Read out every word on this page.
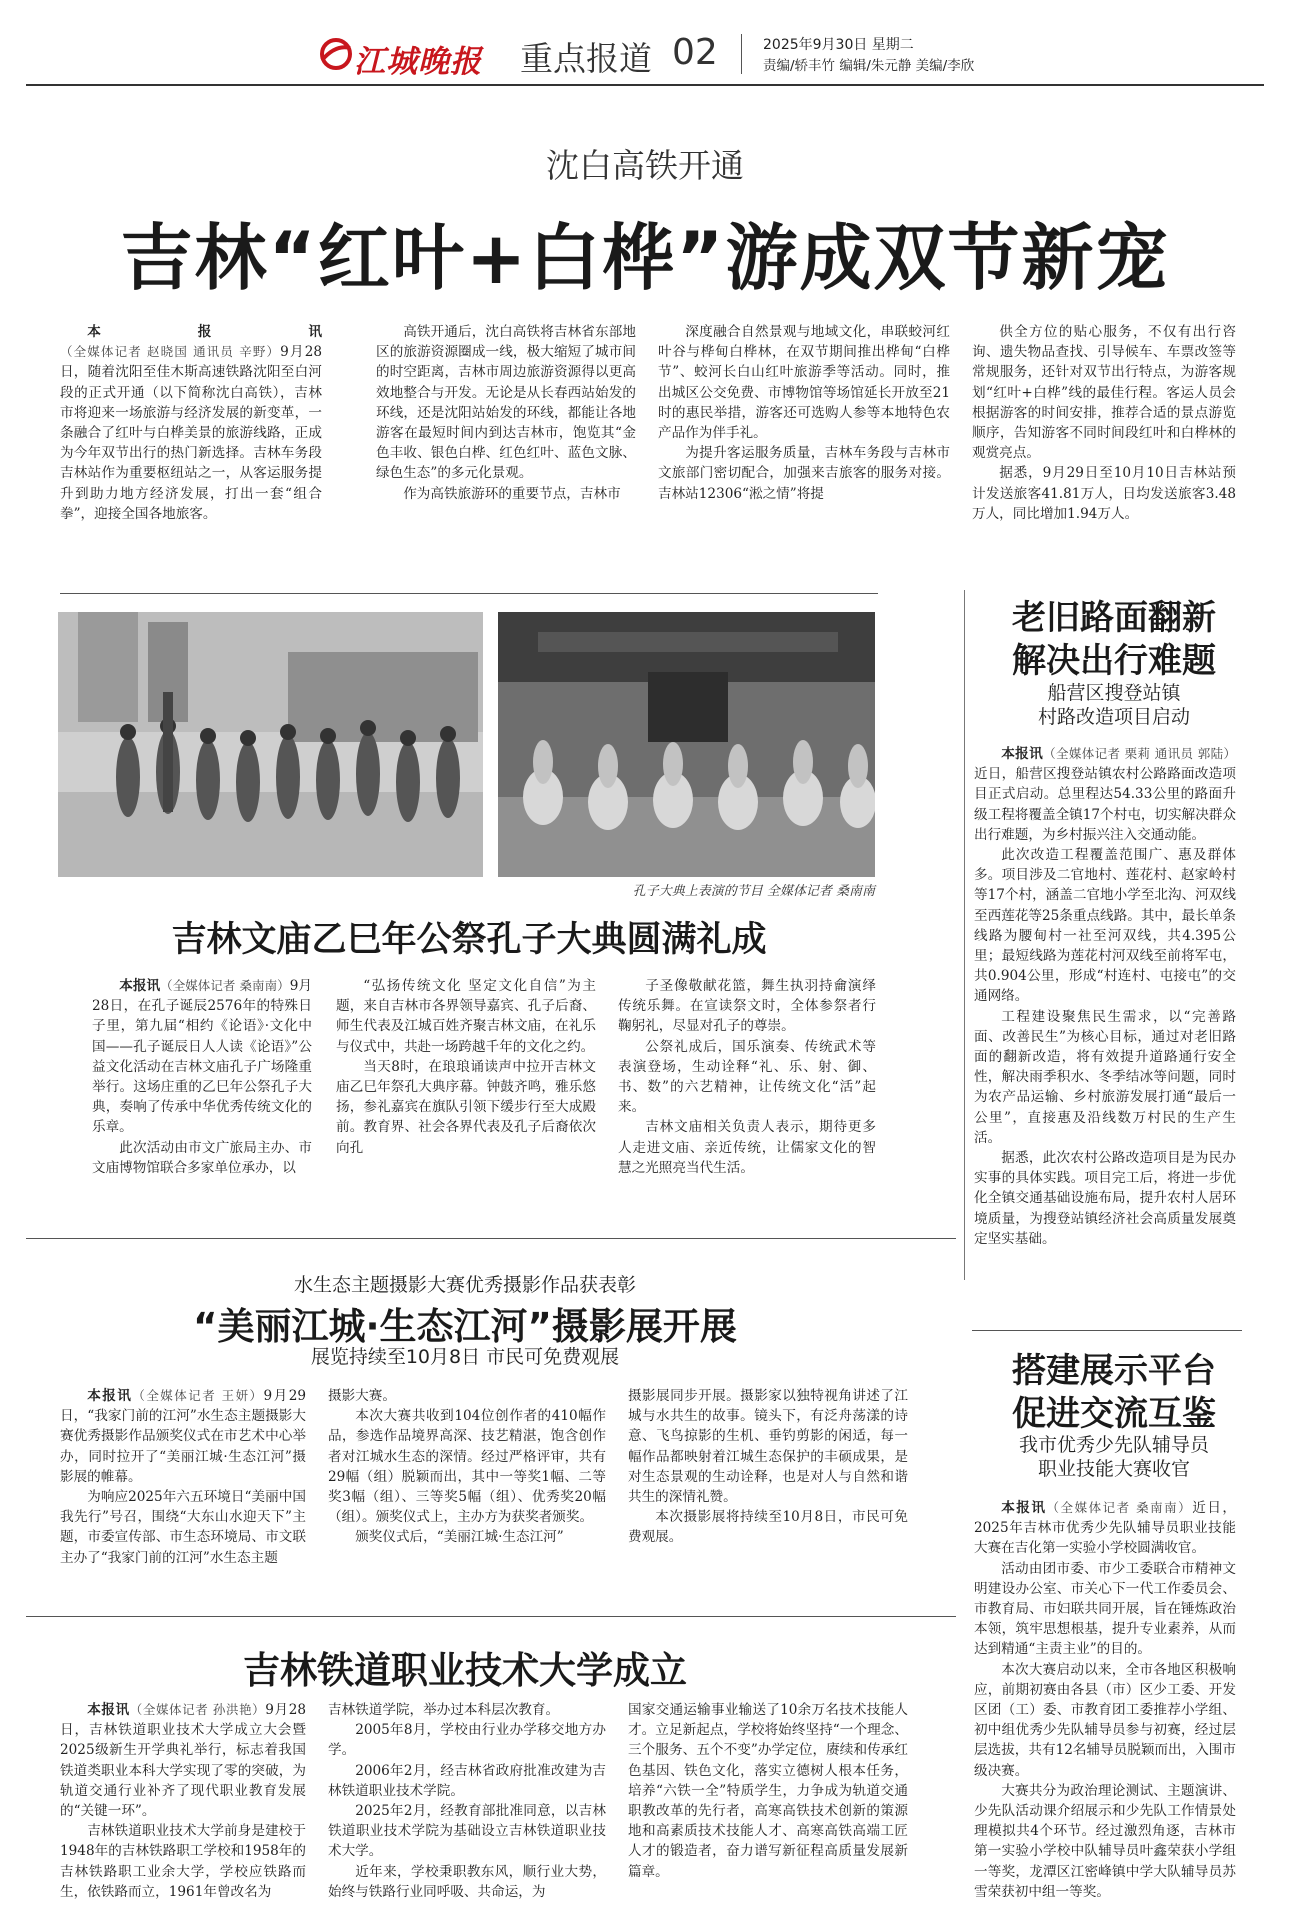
江城晚报 重点报道 02	2025年9月30日 星期二
责编/轿丰竹 编辑/朱元静 美编/李欣
沈白高铁开通
吉林“红叶+白桦”游成双节新宠

本报讯（全媒体记者 赵晓国 通讯员 辛野）9月28日，随着沈阳至佳木斯高速铁路沈阳至白河段的正式开通（以下简称沈白高铁），吉林市将迎来一场旅游与经济发展的新变革，一条融合了红叶与白桦美景的旅游线路，正成为今年双节出行的热门新选择。吉林车务段吉林站作为重要枢纽站之一，从客运服务提升到助力地方经济发展，打出一套“组合拳”，迎接全国各地旅客。

高铁开通后，沈白高铁将吉林省东部地区的旅游资源圈成一线，极大缩短了城市间的时空距离，吉林市周边旅游资源得以更高效地整合与开发。无论是从长春西站始发的环线，还是沈阳站始发的环线，都能让各地游客在最短时间内到达吉林市，饱览其“金色丰收、银色白桦、红色红叶、蓝色文脉、绿色生态”的多元化景观。

作为高铁旅游环的重要节点，吉林市

深度融合自然景观与地域文化，串联蛟河红叶谷与桦甸白桦林，在双节期间推出桦甸“白桦节”、蛟河长白山红叶旅游季等活动。同时，推出城区公交免费、市博物馆等场馆延长开放至21时的惠民举措，游客还可选购人参等本地特色农产品作为伴手礼。

为提升客运服务质量，吉林车务段与吉林市文旅部门密切配合，加强来吉旅客的服务对接。吉林站12306“淞之情”将提

供全方位的贴心服务，不仅有出行咨询、遗失物品查找、引导候车、车票改签等常规服务，还针对双节出行特点，为游客规划“红叶+白桦”线的最佳行程。客运人员会根据游客的时间安排，推荐合适的景点游览顺序，告知游客不同时间段红叶和白桦林的观赏亮点。

据悉，9月29日至10月10日吉林站预计发送旅客41.81万人，日均发送旅客3.48万人，同比增加1.94万人。

孔子大典上表演的节目 全媒体记者 桑南南
吉林文庙乙巳年公祭孔子大典圆满礼成

本报讯（全媒体记者 桑南南）9月28日，在孔子诞辰2576年的特殊日子里，第九届“相约《论语》·文化中国——孔子诞辰日人人读《论语》”公益文化活动在吉林文庙孔子广场隆重举行。这场庄重的乙巳年公祭孔子大典，奏响了传承中华优秀传统文化的乐章。

此次活动由市文广旅局主办、市文庙博物馆联合多家单位承办，以

“弘扬传统文化 坚定文化自信”为主题，来自吉林市各界领导嘉宾、孔子后裔、师生代表及江城百姓齐聚吉林文庙，在礼乐与仪式中，共赴一场跨越千年的文化之约。

当天8时，在琅琅诵读声中拉开吉林文庙乙巳年祭孔大典序幕。钟鼓齐鸣，雅乐悠扬，参礼嘉宾在旗队引领下缓步行至大成殿前。教育界、社会各界代表及孔子后裔依次向孔

子圣像敬献花篮，舞生执羽持龠演绎传统乐舞。在宣读祭文时，全体参祭者行鞠躬礼，尽显对孔子的尊崇。

公祭礼成后，国乐演奏、传统武术等表演登场，生动诠释“礼、乐、射、御、书、数”的六艺精神，让传统文化“活”起来。

吉林文庙相关负责人表示，期待更多人走进文庙、亲近传统，让儒家文化的智慧之光照亮当代生活。

老旧路面翻新
解决出行难题
船营区搜登站镇
村路改造项目启动

本报讯（全媒体记者 栗莉 通讯员 郭陆）近日，船营区搜登站镇农村公路路面改造项目正式启动。总里程达54.33公里的路面升级工程将覆盖全镇17个村屯，切实解决群众出行难题，为乡村振兴注入交通动能。

此次改造工程覆盖范围广、惠及群体多。项目涉及二官地村、莲花村、赵家岭村等17个村，涵盖二官地小学至北沟、河双线至西莲花等25条重点线路。其中，最长单条线路为腰甸村一社至河双线，共4.395公里；最短线路为莲花村河双线至前将军屯，共0.904公里，形成“村连村、屯接屯”的交通网络。

工程建设聚焦民生需求，以“完善路面、改善民生”为核心目标，通过对老旧路面的翻新改造，将有效提升道路通行安全性，解决雨季积水、冬季结冰等问题，同时为农产品运输、乡村旅游发展打通“最后一公里”，直接惠及沿线数万村民的生产生活。

据悉，此次农村公路改造项目是为民办实事的具体实践。项目完工后，将进一步优化全镇交通基础设施布局，提升农村人居环境质量，为搜登站镇经济社会高质量发展奠定坚实基础。

水生态主题摄影大赛优秀摄影作品获表彰
“美丽江城·生态江河”摄影展开展
展览持续至10月8日 市民可免费观展

本报讯（全媒体记者 王妍）9月29日，“我家门前的江河”水生态主题摄影大赛优秀摄影作品颁奖仪式在市艺术中心举办，同时拉开了“美丽江城·生态江河”摄影展的帷幕。

为响应2025年六五环境日“美丽中国我先行”号召，围绕“大东山水迎天下”主题，市委宣传部、市生态环境局、市文联主办了“我家门前的江河”水生态主题

摄影大赛。

本次大赛共收到104位创作者的410幅作品，参选作品境界高深、技艺精湛，饱含创作者对江城水生态的深情。经过严格评审，共有29幅（组）脱颖而出，其中一等奖1幅、二等奖3幅（组）、三等奖5幅（组）、优秀奖20幅（组）。颁奖仪式上，主办方为获奖者颁奖。

颁奖仪式后，“美丽江城·生态江河”

摄影展同步开展。摄影家以独特视角讲述了江城与水共生的故事。镜头下，有泛舟荡漾的诗意、飞鸟掠影的生机、垂钓剪影的闲适，每一幅作品都映射着江城生态保护的丰硕成果，是对生态景观的生动诠释，也是对人与自然和谐共生的深情礼赞。

本次摄影展将持续至10月8日，市民可免费观展。

搭建展示平台
促进交流互鉴
我市优秀少先队辅导员
职业技能大赛收官

本报讯（全媒体记者 桑南南）近日，2025年吉林市优秀少先队辅导员职业技能大赛在吉化第一实验小学校圆满收官。

活动由团市委、市少工委联合市精神文明建设办公室、市关心下一代工作委员会、市教育局、市妇联共同开展，旨在锤炼政治本领，筑牢思想根基，提升专业素养，从而达到精通“主责主业”的目的。

本次大赛启动以来，全市各地区积极响应，前期初赛由各县（市）区少工委、开发区团（工）委、市教育团工委推荐小学组、初中组优秀少先队辅导员参与初赛，经过层层选拔，共有12名辅导员脱颖而出，入围市级决赛。

大赛共分为政治理论测试、主题演讲、少先队活动课介绍展示和少先队工作情景处理模拟共4个环节。经过激烈角逐，吉林市第一实验小学校中队辅导员叶鑫荣获小学组一等奖，龙潭区江密峰镇中学大队辅导员苏雪荣获初中组一等奖。

吉林铁道职业技术大学成立

本报讯（全媒体记者 孙洪艳）9月28日，吉林铁道职业技术大学成立大会暨2025级新生开学典礼举行，标志着我国铁道类职业本科大学实现了零的突破，为轨道交通行业补齐了现代职业教育发展的“关键一环”。

吉林铁道职业技术大学前身是建校于1948年的吉林铁路职工学校和1958年的吉林铁路职工业余大学，学校应铁路而生，依铁路而立，1961年曾改名为

吉林铁道学院，举办过本科层次教育。

2005年8月，学校由行业办学移交地方办学。

2006年2月，经吉林省政府批准改建为吉林铁道职业技术学院。

2025年2月，经教育部批准同意，以吉林铁道职业技术学院为基础设立吉林铁道职业技术大学。

近年来，学校秉职教东风，顺行业大势，始终与铁路行业同呼吸、共命运，为

国家交通运输事业输送了10余万名技术技能人才。立足新起点，学校将始终坚持“一个理念、三个服务、五个不变”办学定位，赓续和传承红色基因、铁色文化，落实立德树人根本任务，培养“六铁一全”特质学生，力争成为轨道交通职教改革的先行者，高寒高铁技术创新的策源地和高素质技术技能人才、高寒高铁高端工匠人才的锻造者，奋力谱写新征程高质量发展新篇章。
